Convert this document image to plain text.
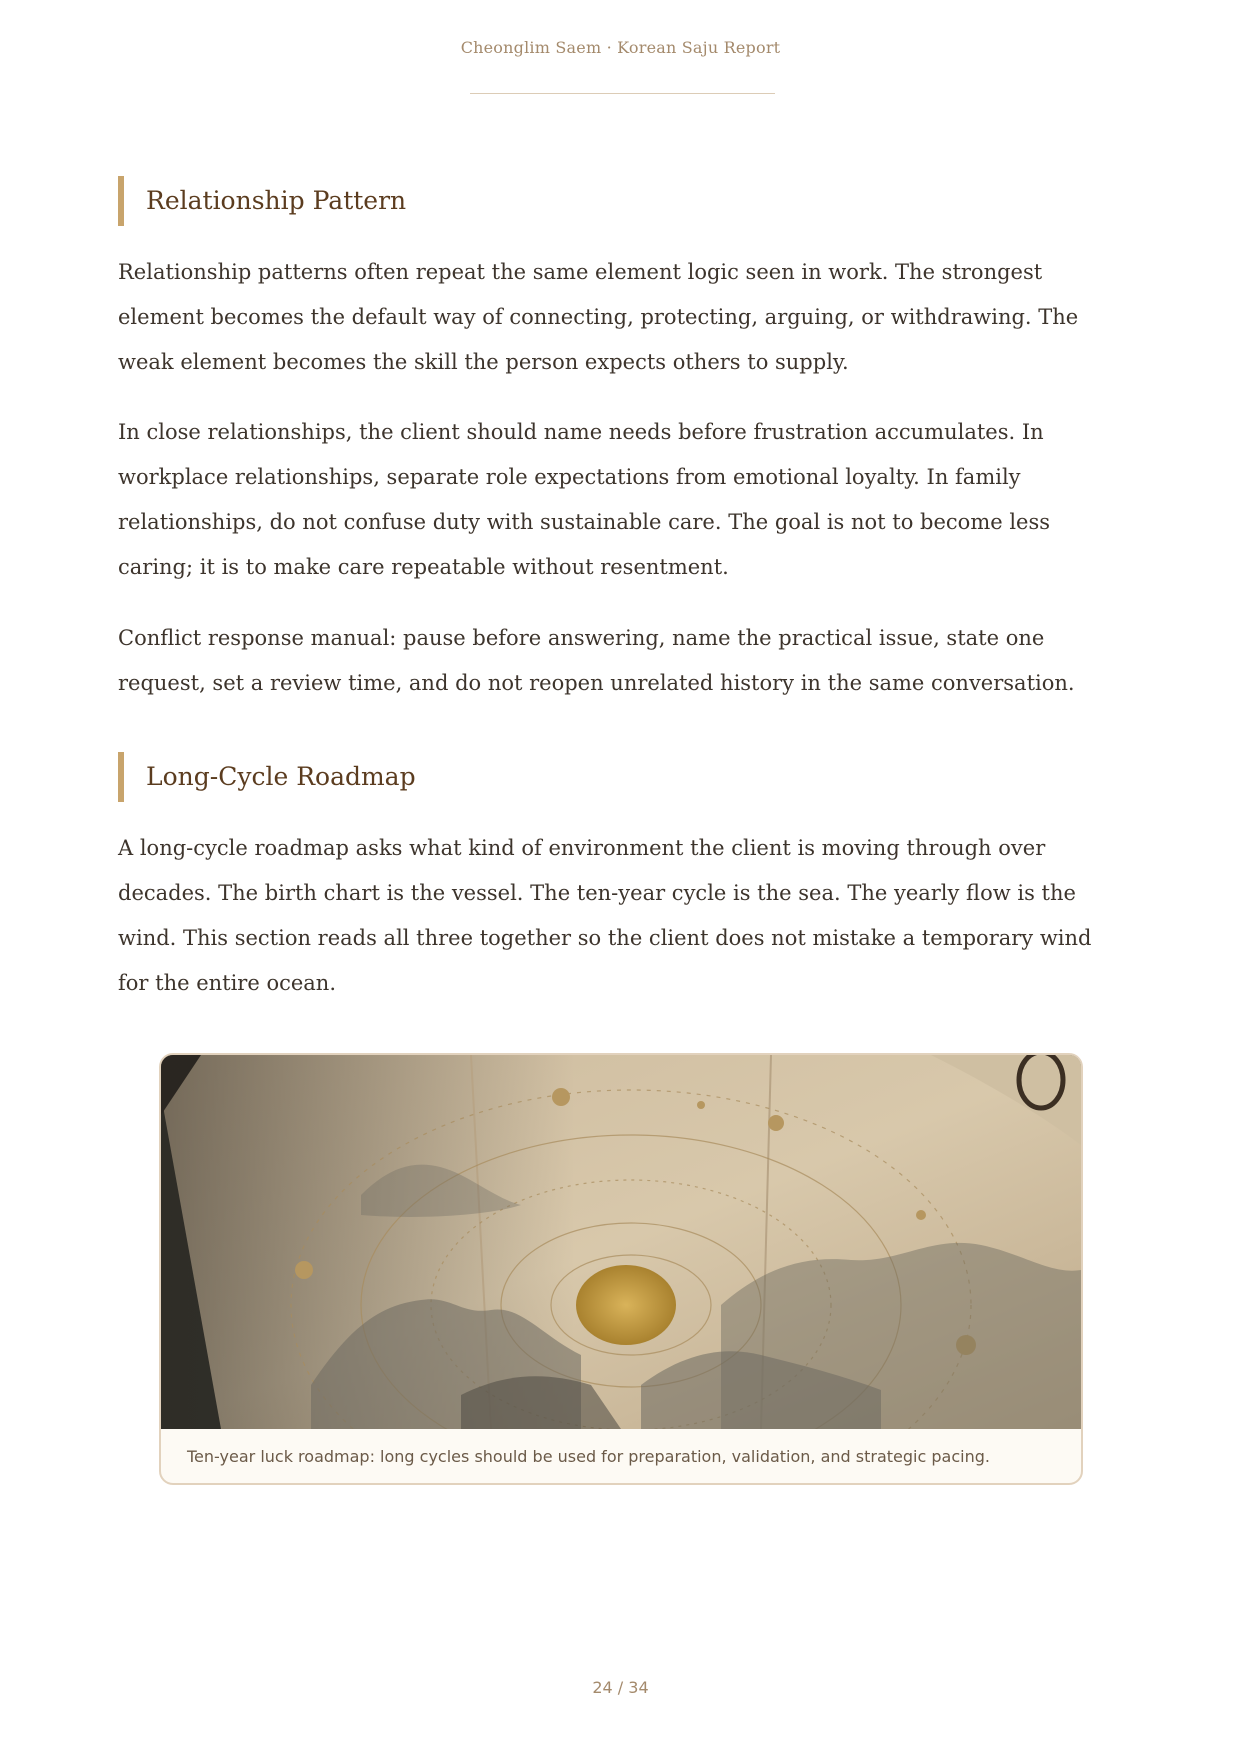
Cheonglim Saem · Korean Saju Report
Relationship Pattern

Relationship patterns often repeat the same element logic seen in work. The strongest element becomes the default way of connecting, protecting, arguing, or withdrawing. The weak element becomes the skill the person expects others to supply.

In close relationships, the client should name needs before frustration accumulates. In workplace relationships, separate role expectations from emotional loyalty. In family relationships, do not confuse duty with sustainable care. The goal is not to become less caring; it is to make care repeatable without resentment.

Conflict response manual: pause before answering, name the practical issue, state one request, set a review time, and do not reopen unrelated history in the same conversation.

Long-Cycle Roadmap

A long-cycle roadmap asks what kind of environment the client is moving through over decades. The birth chart is the vessel. The ten-year cycle is the sea. The yearly flow is the wind. This section reads all three together so the client does not mistake a temporary wind for the entire ocean.

Ten-year luck roadmap: long cycles should be used for preparation, validation, and strategic pacing.
24 / 34
